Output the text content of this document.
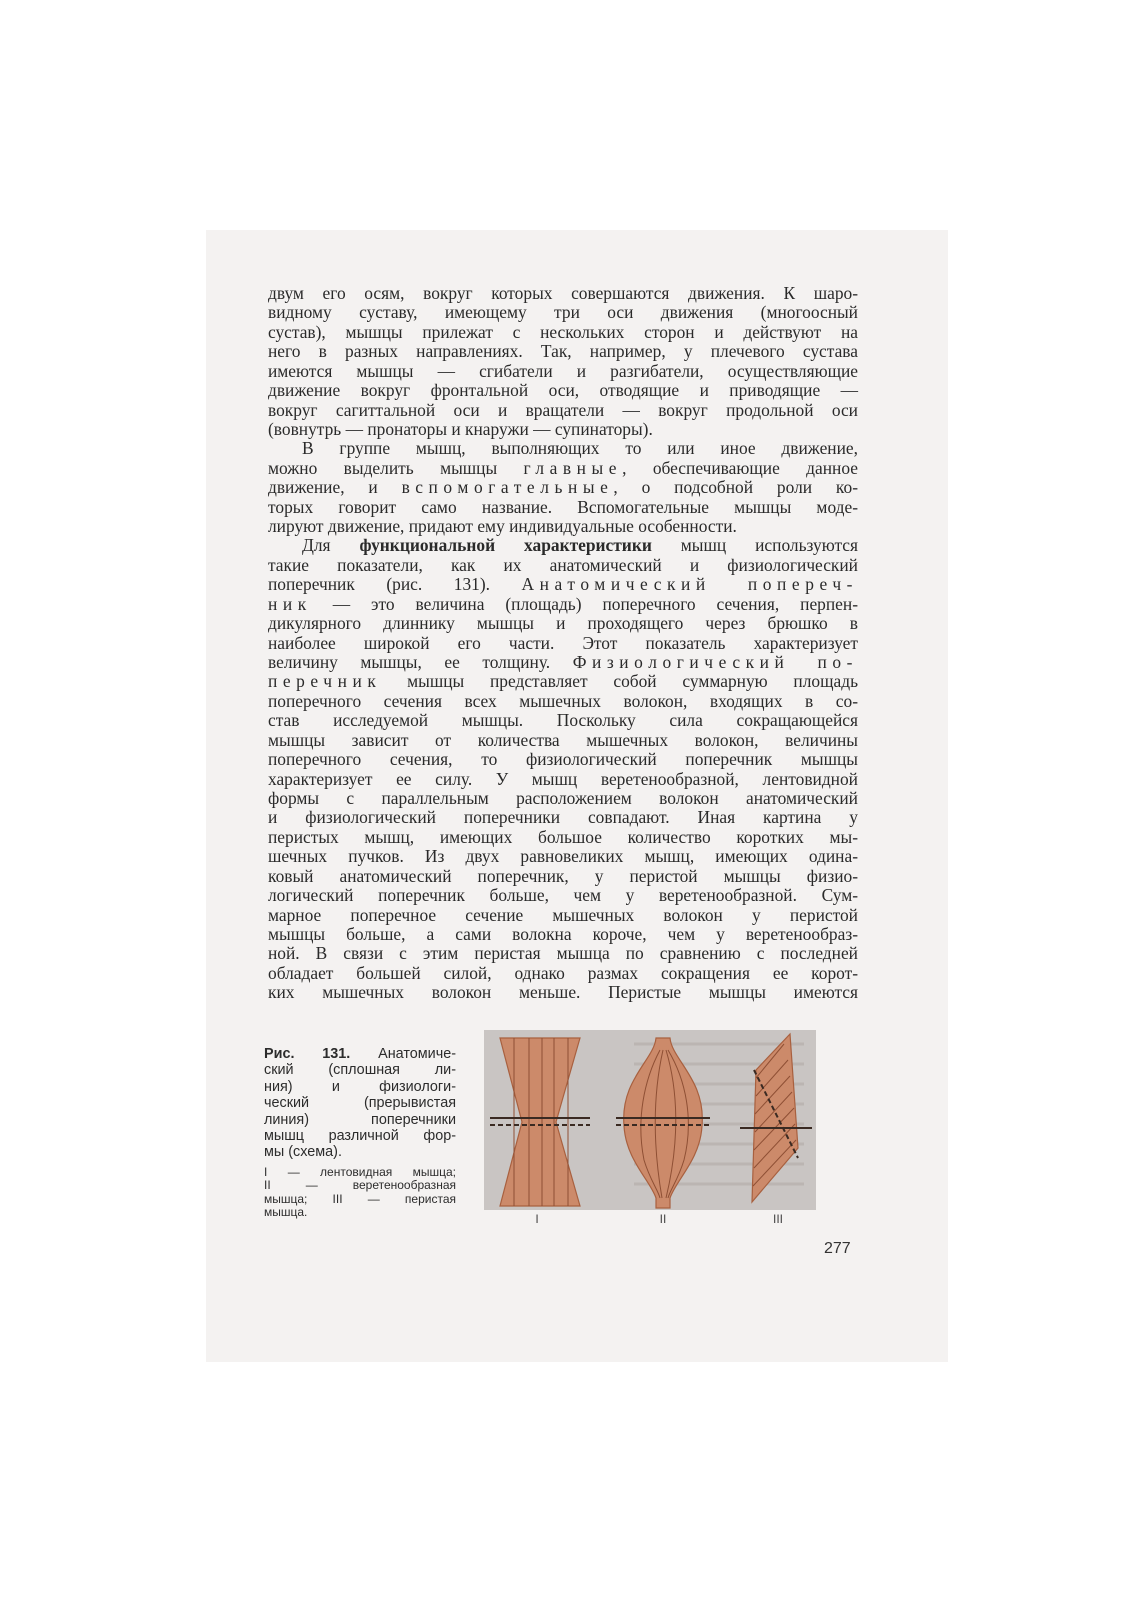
двум его осям, вокруг которых совершаются движения. К шаро-

видному суставу, имеющему три оси движения (многоосный

сустав), мышцы прилежат с нескольких сторон и действуют на

него в разных направлениях. Так, например, у плечевого сустава

имеются мышцы — сгибатели и разгибатели, осуществляющие

движение вокруг фронтальной оси, отводящие и приводящие —

вокруг сагиттальной оси и вращатели — вокруг продольной оси

(вовнутрь — пронаторы и кнаружи — супинаторы).

В группе мышц, выполняющих то или иное движение,

можно выделить мышцы главные, обеспечивающие данное

движение, и вспомогательные, о подсобной роли ко-

торых говорит само название. Вспомогательные мышцы моде-

лируют движение, придают ему индивидуальные особенности.

Для функциональной характеристики мышц используются

такие показатели, как их анатомический и физиологический

поперечник (рис. 131). Анатомический попереч-

ник — это величина (площадь) поперечного сечения, перпен-

дикулярного длиннику мышцы и проходящего через брюшко в

наиболее широкой его части. Этот показатель характеризует

величину мышцы, ее толщину. Физиологический по-

перечник мышцы представляет собой суммарную площадь

поперечного сечения всех мышечных волокон, входящих в со-

став исследуемой мышцы. Поскольку сила сокращающейся

мышцы зависит от количества мышечных волокон, величины

поперечного сечения, то физиологический поперечник мышцы

характеризует ее силу. У мышц веретенообразной, лентовидной

формы с параллельным расположением волокон анатомический

и физиологический поперечники совпадают. Иная картина у

перистых мышц, имеющих большое количество коротких мы-

шечных пучков. Из двух равновеликих мышц, имеющих одина-

ковый анатомический поперечник, у перистой мышцы физио-

логический поперечник больше, чем у веретенообразной. Сум-

марное поперечное сечение мышечных волокон у перистой

мышцы больше, а сами волокна короче, чем у веретенообраз-

ной. В связи с этим перистая мышца по сравнению с последней

обладает большей силой, однако размах сокращения ее корот-

ких мышечных волокон меньше. Перистые мышцы имеются

Рис. 131. Анатомиче-

ский (сплошная ли-

ния) и физиологи-

ческий (прерывистая

линия) поперечники

мышц различной фор-

мы (схема).

I — лентовидная мышца;

II — веретенообразная

мышца; III — перистая

мышца.	I	II	III
277
